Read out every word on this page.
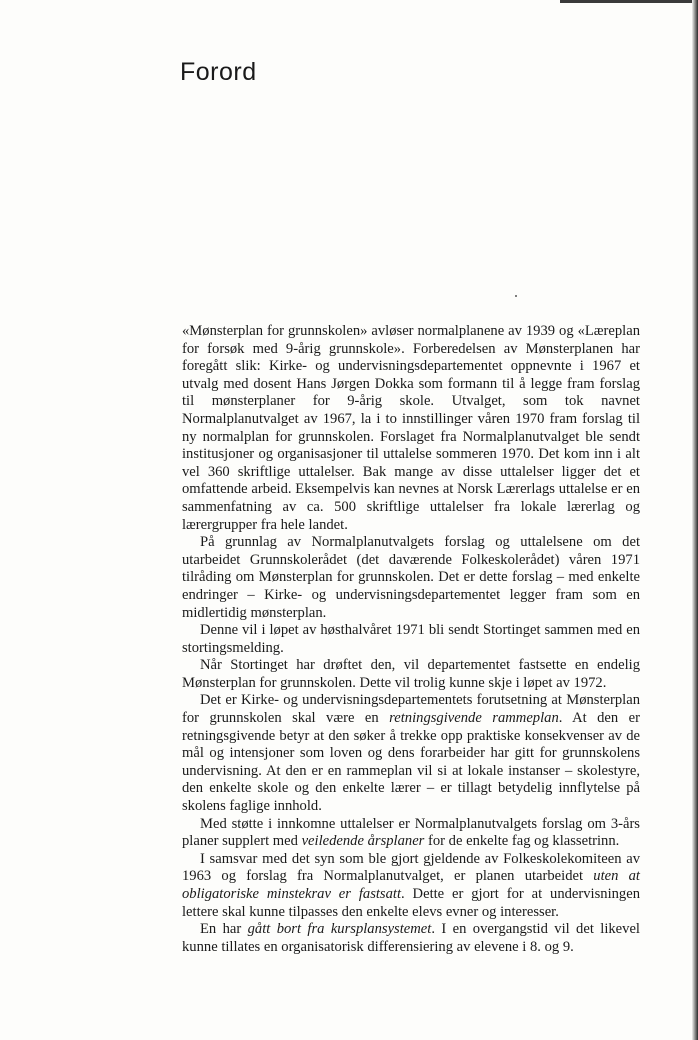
Forord

«Mønsterplan for grunnskolen» avløser normalplanene av 1939 og «Læreplan for forsøk med 9-årig grunnskole». Forberedelsen av Mønsterplanen har foregått slik: Kirke- og undervisningsdepartementet oppnevnte i 1967 et utvalg med dosent Hans Jørgen Dokka som formann til å legge fram forslag til mønsterplaner for 9-årig skole. Utvalget, som tok navnet Normalplanutvalget av 1967, la i to innstillinger våren 1970 fram forslag til ny normalplan for grunnskolen. Forslaget fra Normalplanutvalget ble sendt institusjoner og organisasjoner til uttalelse sommeren 1970. Det kom inn i alt vel 360 skriftlige uttalelser. Bak mange av disse uttalelser ligger det et omfattende arbeid. Eksempelvis kan nevnes at Norsk Lærerlags uttalelse er en sammenfatning av ca. 500 skriftlige uttalelser fra lokale lærerlag og lærergrupper fra hele landet.

På grunnlag av Normalplanutvalgets forslag og uttalelsene om det utarbeidet Grunnskolerådet (det daværende Folkeskolerådet) våren 1971 tilråding om Mønsterplan for grunnskolen. Det er dette forslag – med enkelte endringer – Kirke- og undervisningsdepartementet legger fram som en midlertidig mønsterplan.

Denne vil i løpet av høsthalvåret 1971 bli sendt Stortinget sammen med en stortingsmelding.

Når Stortinget har drøftet den, vil departementet fastsette en endelig Mønsterplan for grunnskolen. Dette vil trolig kunne skje i løpet av 1972.

Det er Kirke- og undervisningsdepartementets forutsetning at Mønsterplan for grunnskolen skal være en retningsgivende rammeplan. At den er retningsgivende betyr at den søker å trekke opp praktiske konsekvenser av de mål og intensjoner som loven og dens forarbeider har gitt for grunnskolens undervisning. At den er en rammeplan vil si at lokale instanser – skolestyre, den enkelte skole og den enkelte lærer – er tillagt betydelig innflytelse på skolens faglige innhold.

Med støtte i innkomne uttalelser er Normalplanutvalgets forslag om 3-års planer supplert med veiledende årsplaner for de enkelte fag og klassetrinn.

I samsvar med det syn som ble gjort gjeldende av Folkeskolekomiteen av 1963 og forslag fra Normalplanutvalget, er planen utarbeidet uten at obligatoriske minstekrav er fastsatt. Dette er gjort for at undervisningen lettere skal kunne tilpasses den enkelte elevs evner og interesser.

En har gått bort fra kursplansystemet. I en overgangstid vil det likevel kunne tillates en organisatorisk differensiering av elevene i 8. og 9.
